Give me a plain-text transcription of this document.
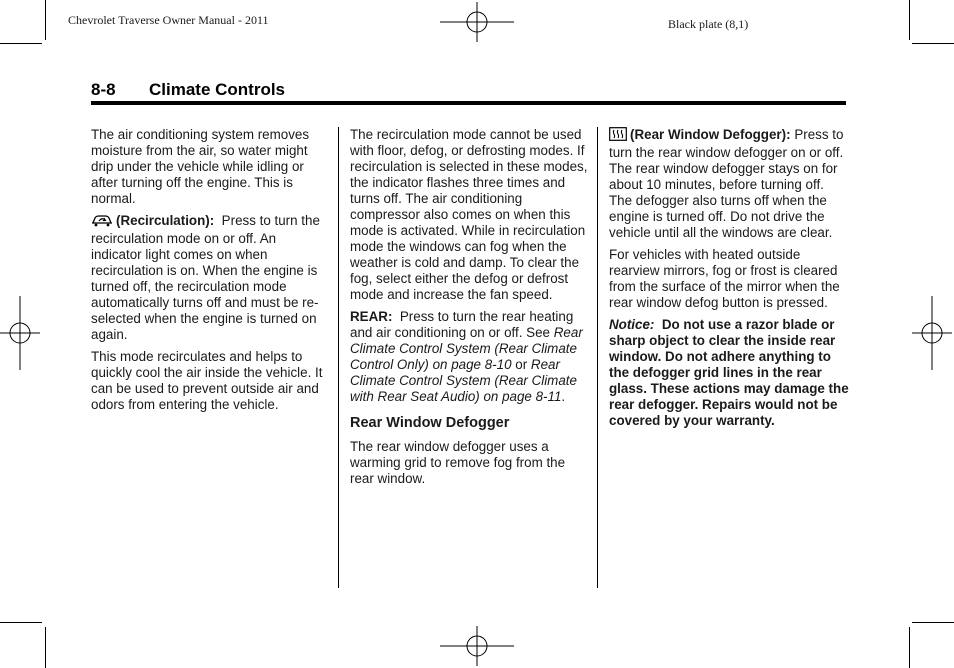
Chevrolet Traverse Owner Manual - 2011	Black plate (8,1)
8-8 Climate Controls

The air conditioning system removes moisture from the air, so water might drip under the vehicle while idling or after turning off the engine. This is normal.

(Recirculation): Press to turn the recirculation mode on or off. An indicator light comes on when recirculation is on. When the engine is turned off, the recirculation mode automatically turns off and must be re-selected when the engine is turned on again.

This mode recirculates and helps to quickly cool the air inside the vehicle. It can be used to prevent outside air and odors from entering the vehicle.

The recirculation mode cannot be used with floor, defog, or defrosting modes. If recirculation is selected in these modes, the indicator flashes three times and turns off. The air conditioning compressor also comes on when this mode is activated. While in recirculation mode the windows can fog when the weather is cold and damp. To clear the fog, select either the defog or defrost mode and increase the fan speed.

REAR: Press to turn the rear heating and air conditioning on or off. See Rear Climate Control System (Rear Climate Control Only) on page 8-10 or Rear Climate Control System (Rear Climate with Rear Seat Audio) on page 8-11.

Rear Window Defogger

The rear window defogger uses a warming grid to remove fog from the rear window.

(Rear Window Defogger): Press to turn the rear window defogger on or off. The rear window defogger stays on for about 10 minutes, before turning off. The defogger also turns off when the engine is turned off. Do not drive the vehicle until all the windows are clear.

For vehicles with heated outside rearview mirrors, fog or frost is cleared from the surface of the mirror when the rear window defog button is pressed.

Notice: Do not use a razor blade or sharp object to clear the inside rear window. Do not adhere anything to the defogger grid lines in the rear glass. These actions may damage the rear defogger. Repairs would not be covered by your warranty.
